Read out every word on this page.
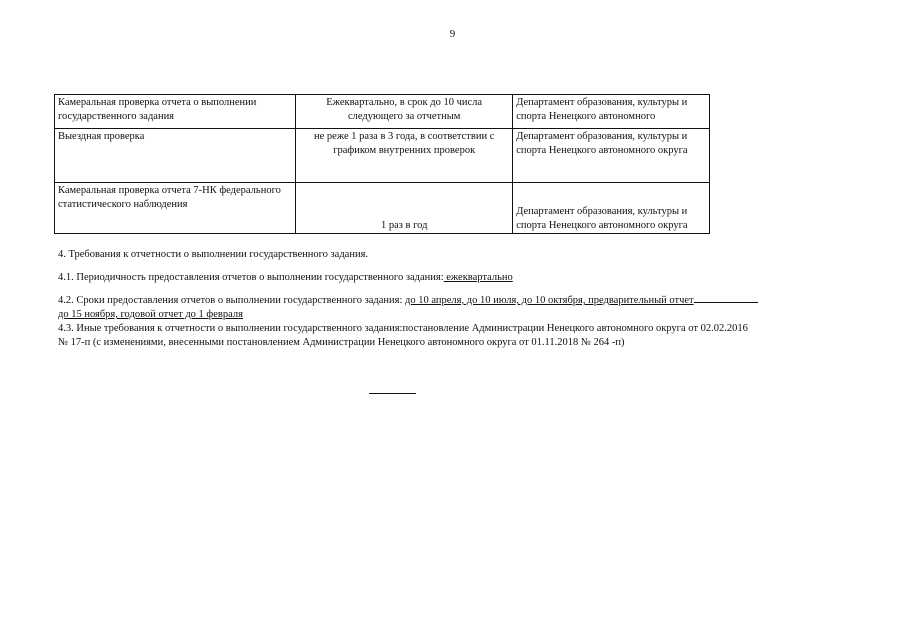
9
Камеральная проверка отчета о выполнении государственного задания	Ежеквартально, в срок до 10 числа следующего за отчетным	Департамент образования, культуры и спорта Ненецкого автономного
Выездная проверка	не реже 1 раза в 3 года, в соответствии с графиком внутренних проверок	Департамент образования, культуры и спорта Ненецкого автономного округа
Камеральная проверка отчета 7-НК федерального статистического наблюдения	1 раз в год	Департамент образования, культуры и спорта Ненецкого автономного округа
4. Требования к отчетности о выполнении государственного задания.
4.1. Периодичность предоставления отчетов о выполнении государственного задания: ежеквартально
4.2. Сроки предоставления отчетов о выполнении государственного задания: до 10 апреля, до 10 июля, до 10 октября, предварительный отчет
до 15 ноября, годовой отчет до 1 февраля
4.3. Иные требования к отчетности о выполнении государственного задания:постановление Администрации Ненецкого автономного округа от 02.02.2016
№ 17-п (с изменениями, внесенными постановлением Администрации Ненецкого автономного округа от 01.11.2018 № 264 -п)
